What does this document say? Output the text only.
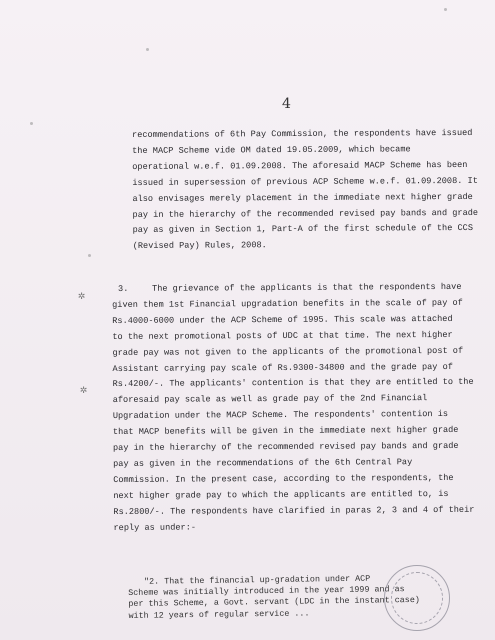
4
recommendations of 6th Pay Commission, the respondents have issued
the MACP Scheme vide OM dated 19.05.2009, which became
operational w.e.f. 01.09.2008. The aforesaid MACP Scheme has been
issued in supersession of previous ACP Scheme w.e.f. 01.09.2008. It
also envisages merely placement in the immediate next higher grade
pay in the hierarchy of the recommended revised pay bands and grade
pay as given in Section 1, Part-A of the first schedule of the CCS
(Revised Pay) Rules, 2008.
3.	The grievance of the applicants is that the respondents have
given them 1st Financial upgradation benefits in the scale of pay of
Rs.4000-6000 under the ACP Scheme of 1995. This scale was attached
to the next promotional posts of UDC at that time. The next higher
grade pay was not given to the applicants of the promotional post of
Assistant carrying pay scale of Rs.9300-34800 and the grade pay of
Rs.4200/-. The applicants' contention is that they are entitled to the
aforesaid pay scale as well as grade pay of the 2nd Financial
Upgradation under the MACP Scheme. The respondents' contention is
that MACP benefits will be given in the immediate next higher grade
pay in the hierarchy of the recommended revised pay bands and grade
pay as given in the recommendations of the 6th Central Pay
Commission. In the present case, according to the respondents, the
next higher grade pay to which the applicants are entitled to, is
Rs.2800/-. The respondents have clarified in paras 2, 3 and 4 of their
reply as under:-
"2. That the financial up-gradation under ACP
Scheme was initially introduced in the year 1999 and as
per this Scheme, a Govt. servant (LDC in the instant case)
with 12 years of regular service ...
✲
✲
